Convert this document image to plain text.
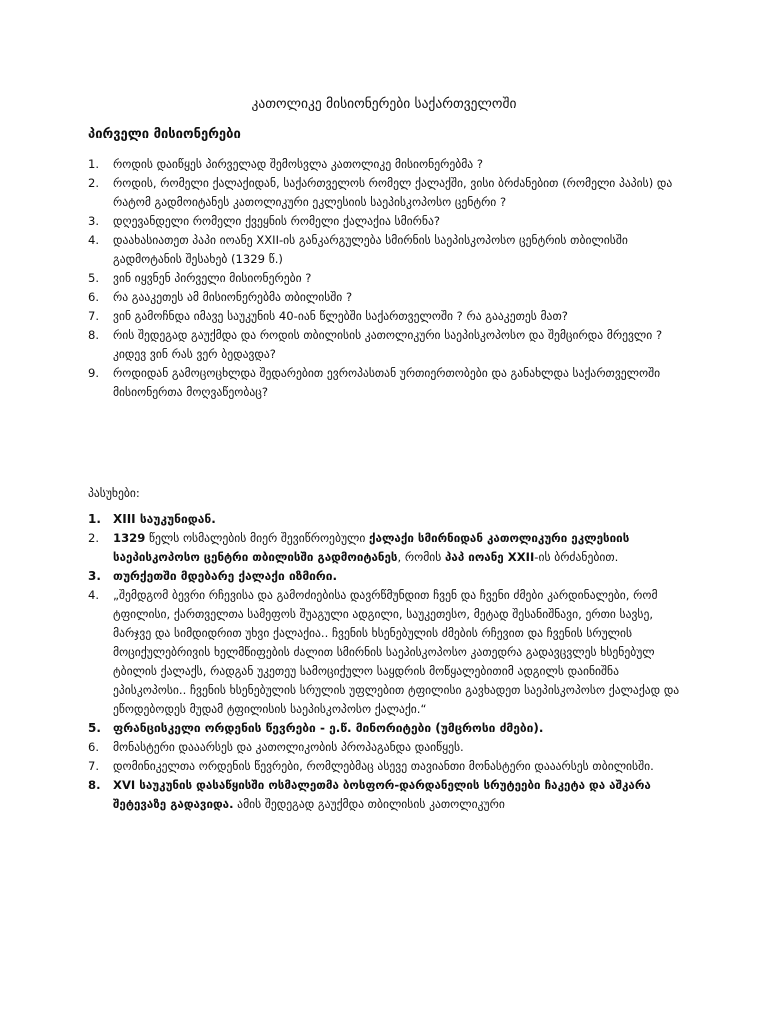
კათოლიკე მისიონერები საქართველოში
პირველი მისიონერები
1.	როდის დაიწყეს პირველად შემოსვლა კათოლიკე მისიონერებმა ?
2.	როდის, რომელი ქალაქიდან, საქართველოს რომელ ქალაქში, ვისი ბრძანებით (რომელი პაპის) და რატომ გადმოიტანეს კათოლიკური ეკლესიის საეპისკოპოსო ცენტრი ?
3.	დღევანდელი რომელი ქვეყნის რომელი ქალაქია სმირნა?
4.	დაახასიათეთ პაპი იოანე XXII-ის განკარგულება სმირნის საეპისკოპოსო ცენტრის თბილისში გადმოტანის შესახებ (1329 წ.)
5.	ვინ იყვნენ პირველი მისიონერები ?
6.	რა გააკეთეს ამ მისიონერებმა თბილისში ?
7.	ვინ გამოჩნდა იმავე საუკუნის 40-იან წლებში საქართველოში ? რა გააკეთეს მათ?
8.	რის შედეგად გაუქმდა და როდის თბილისის კათოლიკური საეპისკოპოსო და შემცირდა მრევლი ? კიდევ ვინ რას ვერ ბედავდა?
9.	როდიდან გამოცოცხლდა შედარებით ევროპასთან ურთიერთობები და განახლდა საქართველოში მისიონერთა მოღვაწეობაც?
პასუხები:
1.	XIII საუკუნიდან.
2.	1329 წელს ოსმალების მიერ შევიწროებული ქალაქი სმირნიდან კათოლიკური ეკლესიის საეპისკოპოსო ცენტრი თბილისში გადმოიტანეს, რომის პაპ იოანე XXII-ის ბრძანებით.
3.	თურქეთში მდებარე ქალაქი იზმირი.
4.	„შემდგომ ბევრი რჩევისა და გამოძიებისა დავრწმუნდით ჩვენ და ჩვენი ძმები კარდინალები, რომ ტფილისი, ქართველთა სამეფოს შუაგული ადგილი, საუკეთესო, მეტად შესანიშნავი, ერთი სავსე, მარჯვე და სიმდიდრით უხვი ქალაქია.. ჩვენის ხსენებულის ძმების რჩევით და ჩვენის სრულის მოციქულებრივის ხელმწიფების ძალით სმირნის საეპისკოპოსო კათედრა გადავცვლეს ხსენებულ ტბილის ქალაქს, რადგან უკეთეუ სამოციქულო საყდრის მოწყალებითიმ ადგილს დაინიშნა ეპისკოპოსი.. ჩვენის ხსენებულის სრულის უფლებით ტფილისი გავხადეთ საეპისკოპოსო ქალაქად და ეწოდებოდეს მუდამ ტფილისის საეპისკოპოსო ქალაქი.“
5.	ფრანცისკელი ორდენის წევრები - ე.წ. მინორიტები (უმცროსი ძმები).
6.	მონასტერი დააარსეს და კათოლიკობის პროპაგანდა დაიწყეს.
7.	დომინიკელთა ორდენის წევრები, რომლებმაც ასევე თავიანთი მონასტერი დააარსეს თბილისში.
8.	XVI საუკუნის დასაწყისში ოსმალეთმა ბოსფორ-დარდანელის სრუტეები ჩაკეტა და აშკარა შეტევაზე გადავიდა. ამის შედეგად გაუქმდა თბილისის კათოლიკური
